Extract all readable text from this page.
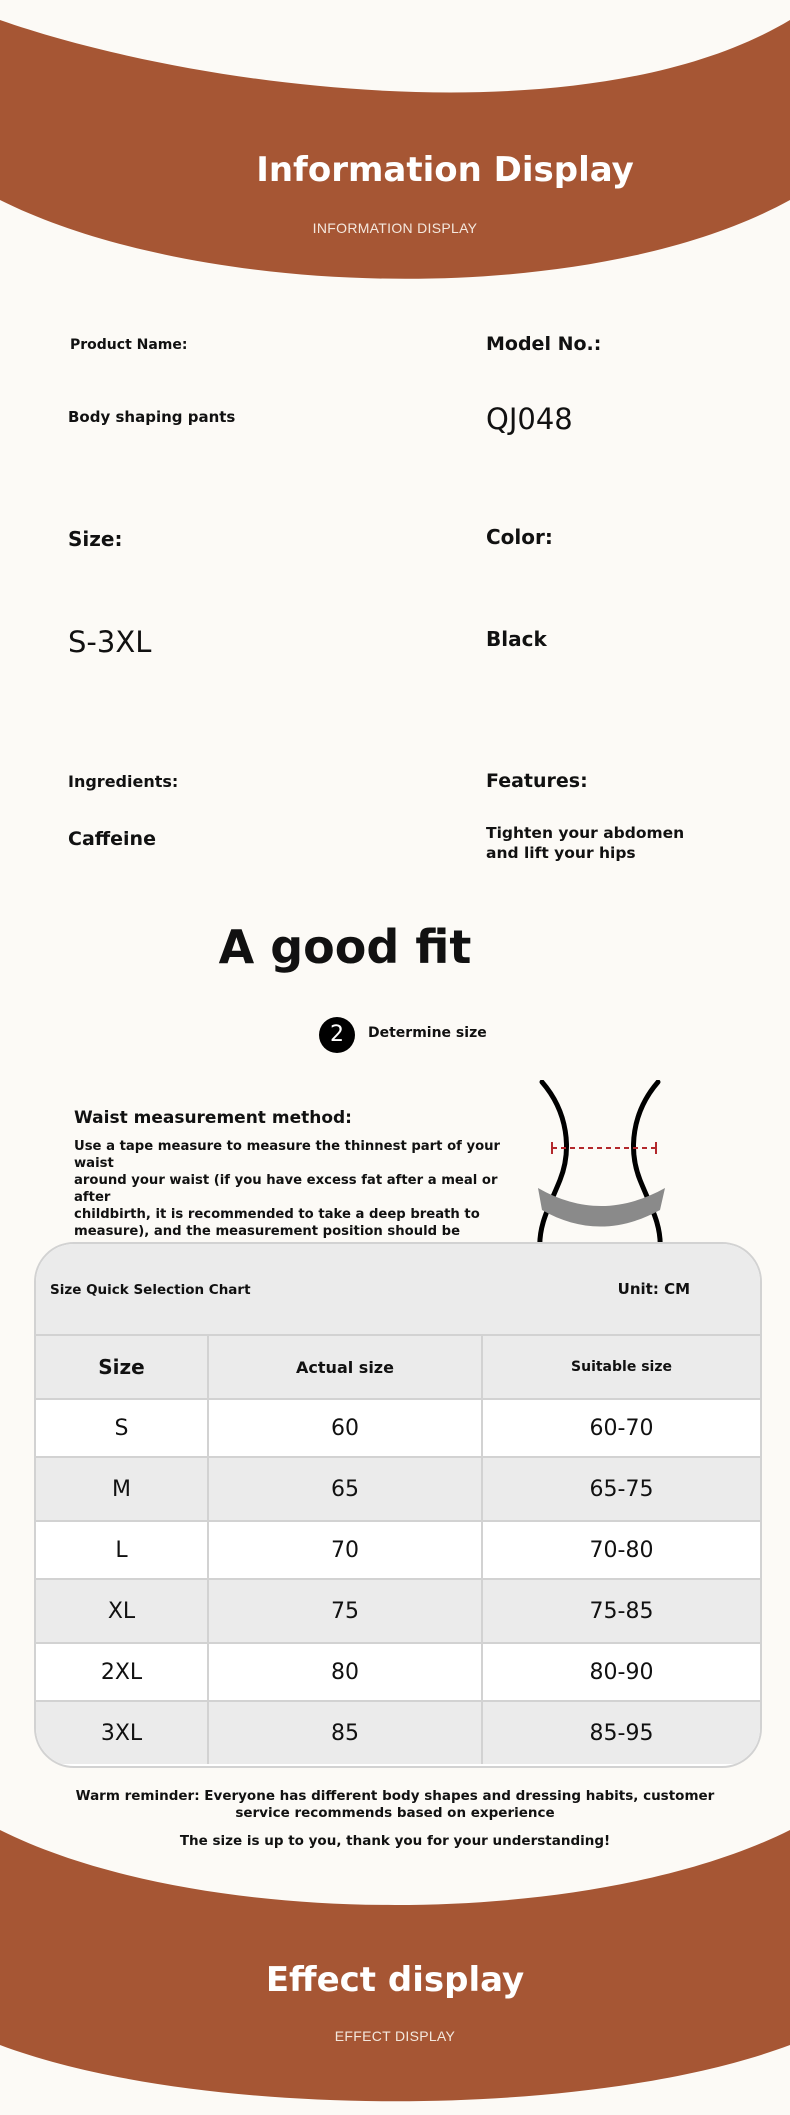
Information Display
INFORMATION DISPLAY
Product Name:
Body shaping pants
Model No.:
QJ048
Size:
S-3XL
Color:
Black
Ingredients:
Caffeine
Features:
Tighten your abdomen
and lift your hips
A good fit
2	Determine size
Waist measurement method:
Use a tape measure to measure the thinnest part of your waist
around your waist (if you have excess fat after a meal or after
childbirth, it is recommended to take a deep breath to
measure), and the measurement position should be
Size Quick Selection Chart	Unit: CM
Size	Actual size	Suitable size
S	60	60-70
M	65	65-75
L	70	70-80
XL	75	75-85
2XL	80	80-90
3XL	85	85-95
Warm reminder: Everyone has different body shapes and dressing habits, customer
service recommends based on experience
The size is up to you, thank you for your understanding!
Effect display
EFFECT DISPLAY
